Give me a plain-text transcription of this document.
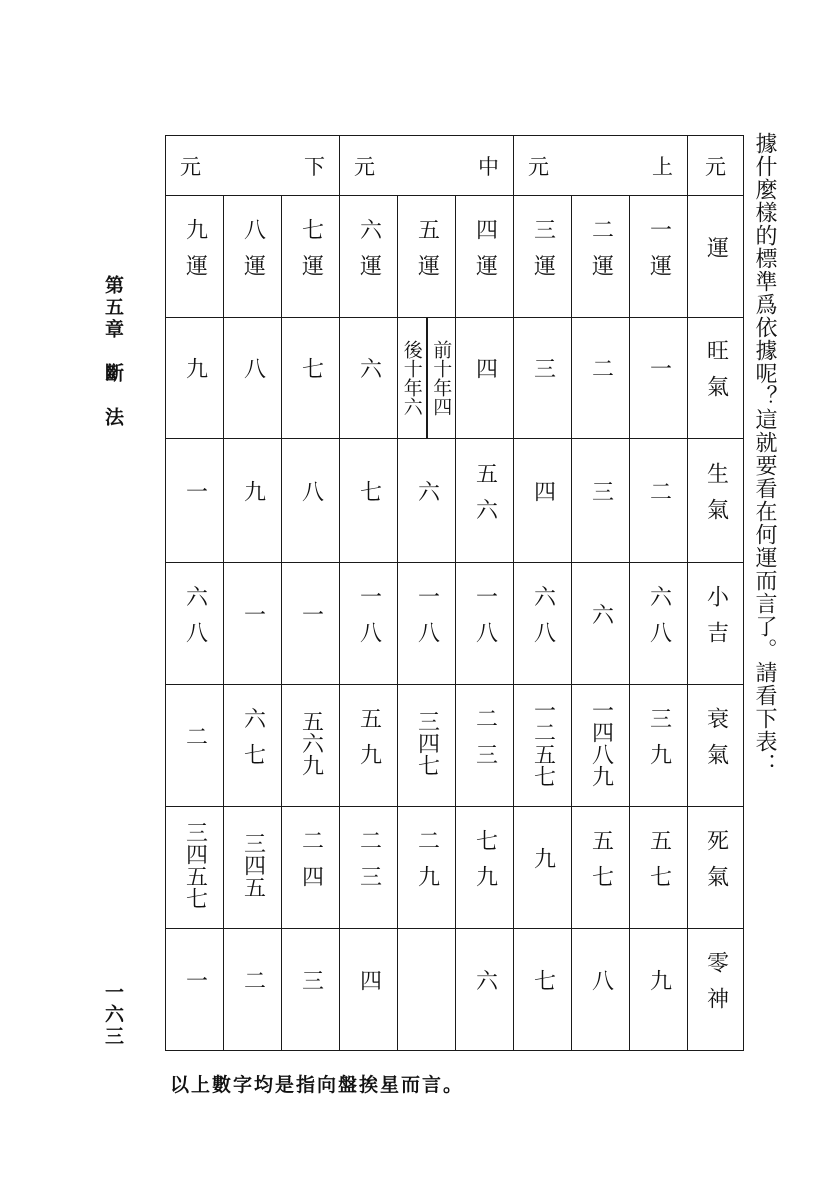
第五章　斷　法
一六三
據什麼樣的標準爲依據呢？這就要看在何運而言了。請看下表：
元 下			元 中			元 上			元
九運	八運	七運	六運	五運	四運	三運	二運	一運	運
九	八	七	六	後十年六 前十年四	四	三	二	一	旺氣
一	九	八	七	六	五六	四	三	二	生氣
六八	一	一	一八	一八	一八	六八	六	六八	小吉
二	六七	五六九	五九	三四七	二三	一二五七	一四八九	三九	衰氣
三四五七	三四五	二四	二三	二九	七九	九	五七	五七	死氣
一	二	三	四		六	七	八	九	零神
以上數字均是指向盤挨星而言。
